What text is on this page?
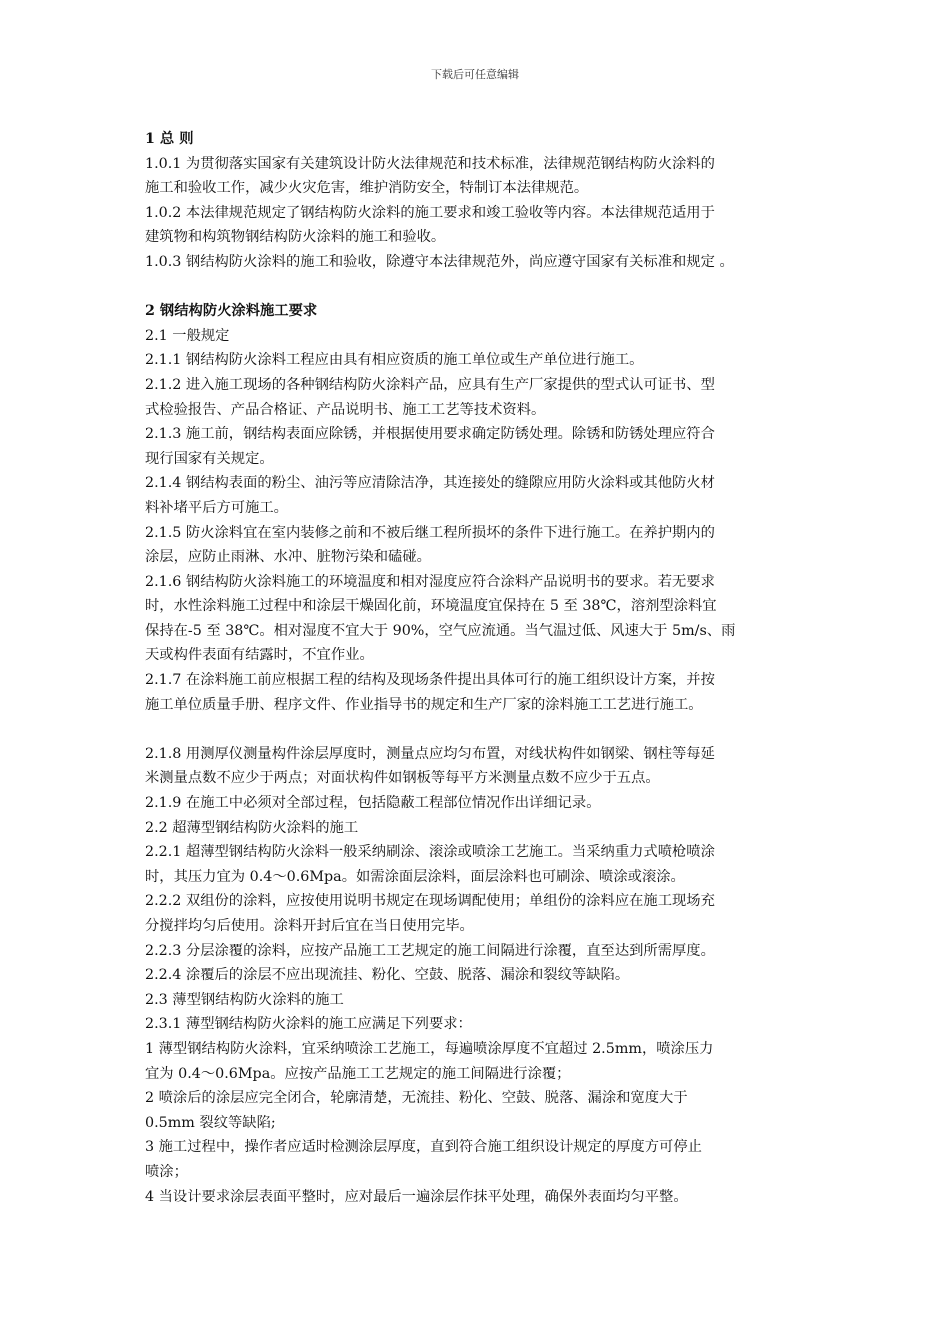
下载后可任意编辑
1 总 则
1.0.1 为贯彻落实国家有关建筑设计防火法律规范和技术标准，法律规范钢结构防火涂料的
施工和验收工作，减少火灾危害，维护消防安全，特制订本法律规范。
1.0.2 本法律规范规定了钢结构防火涂料的施工要求和竣工验收等内容。本法律规范适用于
建筑物和构筑物钢结构防火涂料的施工和验收。
1.0.3 钢结构防火涂料的施工和验收，除遵守本法律规范外，尚应遵守国家有关标准和规定 。
2 钢结构防火涂料施工要求
2.1 一般规定
2.1.1 钢结构防火涂料工程应由具有相应资质的施工单位或生产单位进行施工。
2.1.2 进入施工现场的各种钢结构防火涂料产品，应具有生产厂家提供的型式认可证书、型
式检验报告、产品合格证、产品说明书、施工工艺等技术资料。
2.1.3 施工前，钢结构表面应除锈，并根据使用要求确定防锈处理。除锈和防锈处理应符合
现行国家有关规定。
2.1.4 钢结构表面的粉尘、油污等应清除洁净，其连接处的缝隙应用防火涂料或其他防火材
料补堵平后方可施工。
2.1.5 防火涂料宜在室内装修之前和不被后继工程所损坏的条件下进行施工。在养护期内的
涂层，应防止雨淋、水冲、脏物污染和磕碰。
2.1.6 钢结构防火涂料施工的环境温度和相对湿度应符合涂料产品说明书的要求。若无要求
时，水性涂料施工过程中和涂层干燥固化前，环境温度宜保持在 5 至 38℃，溶剂型涂料宜
保持在-5 至 38℃。相对湿度不宜大于 90%，空气应流通。当气温过低、风速大于 5m/s、雨
天或构件表面有结露时，不宜作业。
2.1.7 在涂料施工前应根据工程的结构及现场条件提出具体可行的施工组织设计方案，并按
施工单位质量手册、程序文件、作业指导书的规定和生产厂家的涂料施工工艺进行施工。
2.1.8 用测厚仪测量构件涂层厚度时，测量点应均匀布置，对线状构件如钢梁、钢柱等每延
米测量点数不应少于两点；对面状构件如钢板等每平方米测量点数不应少于五点。
2.1.9 在施工中必须对全部过程，包括隐蔽工程部位情况作出详细记录。
2.2 超薄型钢结构防火涂料的施工
2.2.1 超薄型钢结构防火涂料一般采纳刷涂、滚涂或喷涂工艺施工。当采纳重力式喷枪喷涂
时，其压力宜为 0.4～0.6Mpa。如需涂面层涂料，面层涂料也可刷涂、喷涂或滚涂。
2.2.2 双组份的涂料，应按使用说明书规定在现场调配使用；单组份的涂料应在施工现场充
分搅拌均匀后使用。涂料开封后宜在当日使用完毕。
2.2.3 分层涂覆的涂料，应按产品施工工艺规定的施工间隔进行涂覆，直至达到所需厚度。
2.2.4 涂覆后的涂层不应出现流挂、粉化、空鼓、脱落、漏涂和裂纹等缺陷。
2.3 薄型钢结构防火涂料的施工
2.3.1 薄型钢结构防火涂料的施工应满足下列要求：
1 薄型钢结构防火涂料，宜采纳喷涂工艺施工，每遍喷涂厚度不宜超过 2.5mm，喷涂压力
宜为 0.4～0.6Mpa。应按产品施工工艺规定的施工间隔进行涂覆；
2 喷涂后的涂层应完全闭合，轮廓清楚，无流挂、粉化、空鼓、脱落、漏涂和宽度大于
0.5mm 裂纹等缺陷;
3 施工过程中，操作者应适时检测涂层厚度，直到符合施工组织设计规定的厚度方可停止
喷涂；
4 当设计要求涂层表面平整时，应对最后一遍涂层作抹平处理，确保外表面均匀平整。
